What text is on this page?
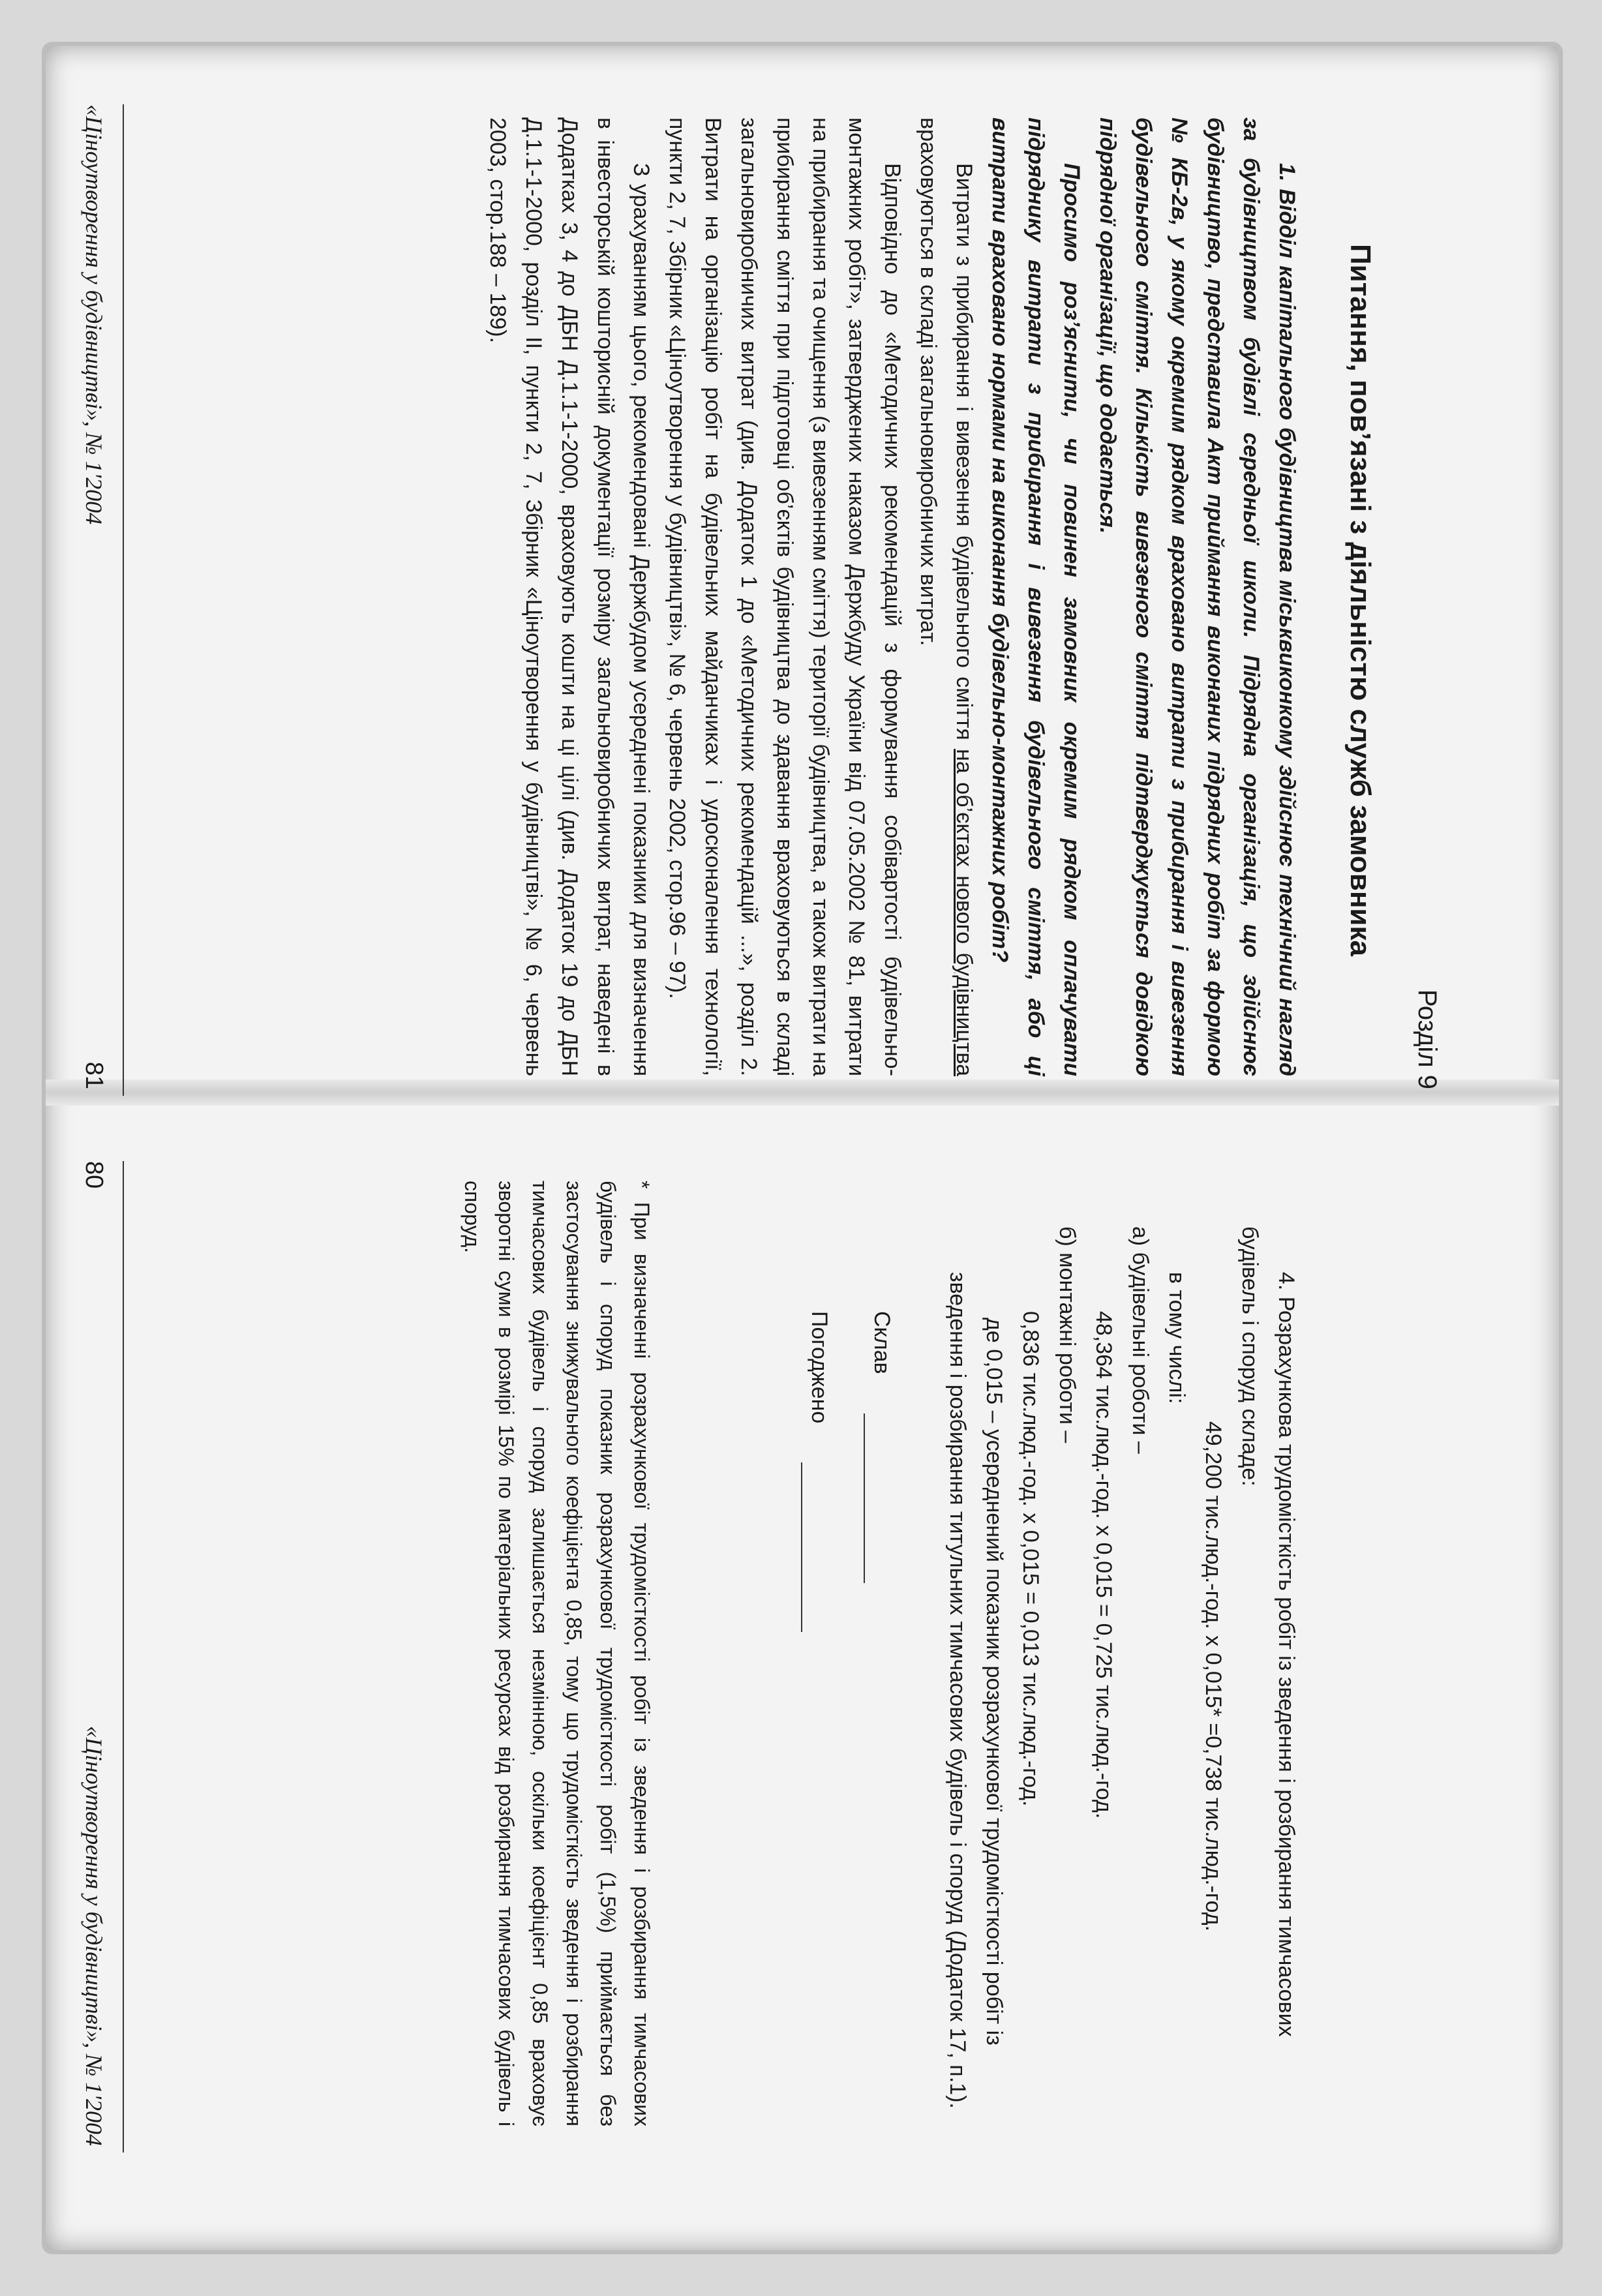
Розділ 9

Питання, пов’язані з діяльністю служб замовника

1. Відділ капітального будівництва міськвиконкому здійснює технічний нагляд за будівництвом будівлі середньої школи. Підрядна організація, що здійснює будівництво, представила Акт приймання виконаних підрядних робіт за формою № КБ-2в, у якому окремим рядком враховано витрати з прибирання і вивезення будівельного сміття. Кількість вивезеного сміття підтверджується довідкою підрядної організації, що додається.

Просимо роз’яснити, чи повинен замовник окремим рядком оплачувати підряднику витрати з прибирання і вивезення будівельного сміття, або ці витрати враховано нормами на виконання будівельно-монтажних робіт?

Витрати з прибирання і вивезення будівельного сміття на об’єктах нового будівництва враховуються в складі загальновиробничих витрат.

Відповідно до «Методичних рекомендацій з формування собівартості будівельно-монтажних робіт», затверджених наказом Держбуду України від 07.05.2002 № 81, витрати на прибирання та очищення (з вивезенням сміття) території будівництва, а також витрати на прибирання сміття при підготовці об’єктів будівництва до здавання враховуються в складі загальновиробничих витрат (див. Додаток 1 до «Методичних рекомендацій ...», розділ 2. Витрати на організацію робіт на будівельних майданчиках і удосконалення технології, пункти 2, 7, Збірник «Ціноутворення у будівництві», № 6, червень 2002, стор.96 – 97).

З урахуванням цього, рекомендовані Держбудом усереднені показники для визначення в інвесторській кошторисній документації розміру загальновиробничих витрат, наведені в Додатках 3, 4 до ДБН Д.1.1-1-2000, враховують кошти на ці цілі (див. Додаток 19 до ДБН Д.1.1-1-2000, розділ II, пункти 2, 7, Збірник «Ціноутворення у будівництві», № 6, червень 2003, стор.188 – 189).

«Ціноутворення у будівництві», № 1'2004

81

4. Розрахункова трудомісткість робіт із зведення і розбирання тимчасових будівель і споруд складе:

49,200 тис.люд.-год. х 0,015* =0,738 тис.люд.-год.

в тому числі:

а) будівельні роботи –

48,364 тис.люд.-год. х 0,015 = 0,725 тис.люд.-год.

б) монтажні роботи –

0,836 тис.люд.-год. х 0,015 = 0,013 тис.люд.-год.

де 0,015 – усереднений показник розрахункової трудомісткості робіт із зведення і розбирання титульних тимчасових будівель і споруд (Додаток 17, п.1).

Склав

Погоджено

* При визначенні розрахункової трудомісткості робіт із зведення і розбирання тимчасових будівель і споруд показник розрахункової трудомісткості робіт (1,5%) приймається без застосування знижувального коефіцієнта 0,85, тому що трудомісткість зведення і розбирання тимчасових будівель і споруд залишається незмінною, оскільки коефіцієнт 0,85 враховує зворотні суми в розмірі 15% по матеріальних ресурсах від розбирання тимчасових будівель і споруд.

80

«Ціноутворення у будівництві», № 1'2004
